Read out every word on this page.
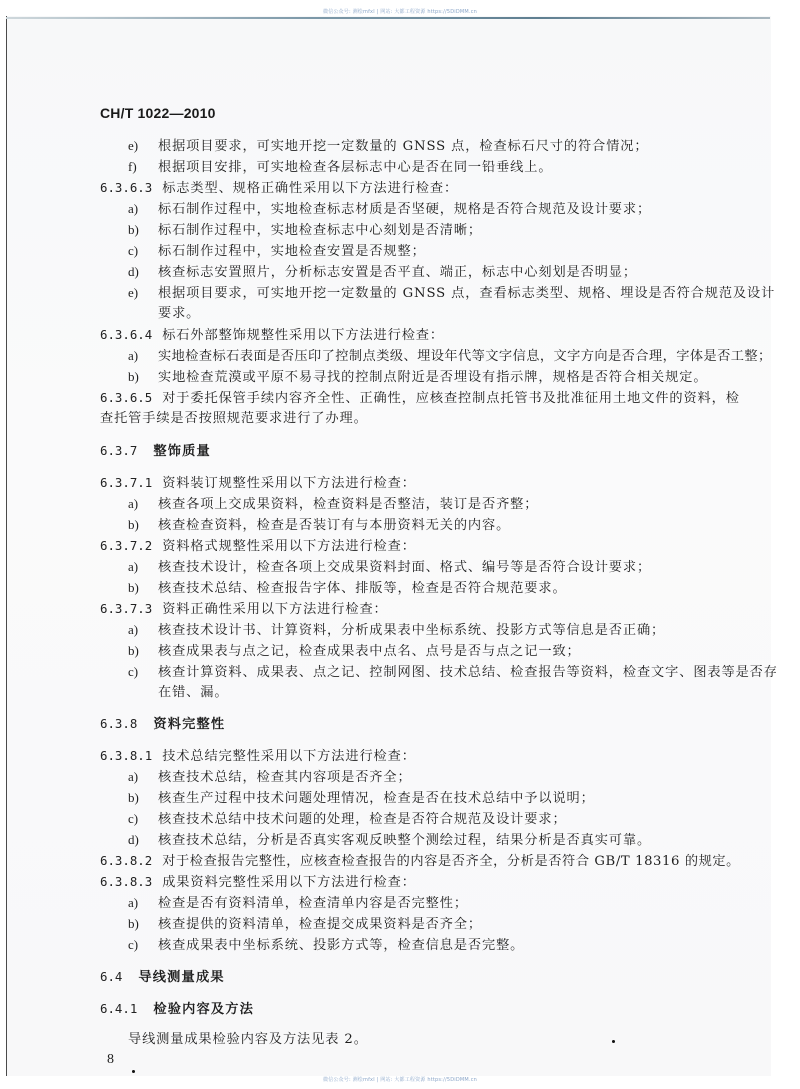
微信公众号: 测绘mfxl | 网站: 大都工程资源 https://5DiDMM.cn
CH/T 1022—2010
e) 根据项目要求，可实地开挖一定数量的 GNSS 点，检查标石尺寸的符合情况；
f) 根据项目安排，可实地检查各层标志中心是否在同一铅垂线上。
6.3.6.3 标志类型、规格正确性采用以下方法进行检查：
a) 标石制作过程中，实地检查标志材质是否坚硬，规格是否符合规范及设计要求；
b) 标石制作过程中，实地检查标志中心刻划是否清晰；
c) 标石制作过程中，实地检查安置是否规整；
d) 核查标志安置照片，分析标志安置是否平直、端正，标志中心刻划是否明显；
e) 根据项目要求，可实地开挖一定数量的 GNSS 点，查看标志类型、规格、埋设是否符合规范及设计
要求。
6.3.6.4 标石外部整饰规整性采用以下方法进行检查：
a) 实地检查标石表面是否压印了控制点类级、埋设年代等文字信息，文字方向是否合理，字体是否工整；
b) 实地检查荒漠或平原不易寻找的控制点附近是否埋设有指示牌，规格是否符合相关规定。
6.3.6.5 对于委托保管手续内容齐全性、正确性，应核查控制点托管书及批准征用土地文件的资料，检
查托管手续是否按照规范要求进行了办理。
6.3.7 整饰质量
6.3.7.1 资料装订规整性采用以下方法进行检查：
a) 核查各项上交成果资料，检查资料是否整洁，装订是否齐整；
b) 核查检查资料，检查是否装订有与本册资料无关的内容。
6.3.7.2 资料格式规整性采用以下方法进行检查：
a) 核查技术设计，检查各项上交成果资料封面、格式、编号等是否符合设计要求；
b) 核查技术总结、检查报告字体、排版等，检查是否符合规范要求。
6.3.7.3 资料正确性采用以下方法进行检查：
a) 核查技术设计书、计算资料，分析成果表中坐标系统、投影方式等信息是否正确；
b) 核查成果表与点之记，检查成果表中点名、点号是否与点之记一致；
c) 核查计算资料、成果表、点之记、控制网图、技术总结、检查报告等资料，检查文字、图表等是否存
在错、漏。
6.3.8 资料完整性
6.3.8.1 技术总结完整性采用以下方法进行检查：
a) 核查技术总结，检查其内容项是否齐全；
b) 核查生产过程中技术问题处理情况，检查是否在技术总结中予以说明；
c) 核查技术总结中技术问题的处理，检查是否符合规范及设计要求；
d) 核查技术总结，分析是否真实客观反映整个测绘过程，结果分析是否真实可靠。
6.3.8.2 对于检查报告完整性，应核查检查报告的内容是否齐全，分析是否符合 GB/T 18316 的规定。
6.3.8.3 成果资料完整性采用以下方法进行检查：
a) 检查是否有资料清单，检查清单内容是否完整性；
b) 核查提供的资料清单，检查提交成果资料是否齐全；
c) 核查成果表中坐标系统、投影方式等，检查信息是否完整。
6.4 导线测量成果
6.4.1 检验内容及方法
导线测量成果检验内容及方法见表 2。
8
微信公众号: 测绘mfxl | 网站: 大都工程资源 https://5DiDMM.cn
